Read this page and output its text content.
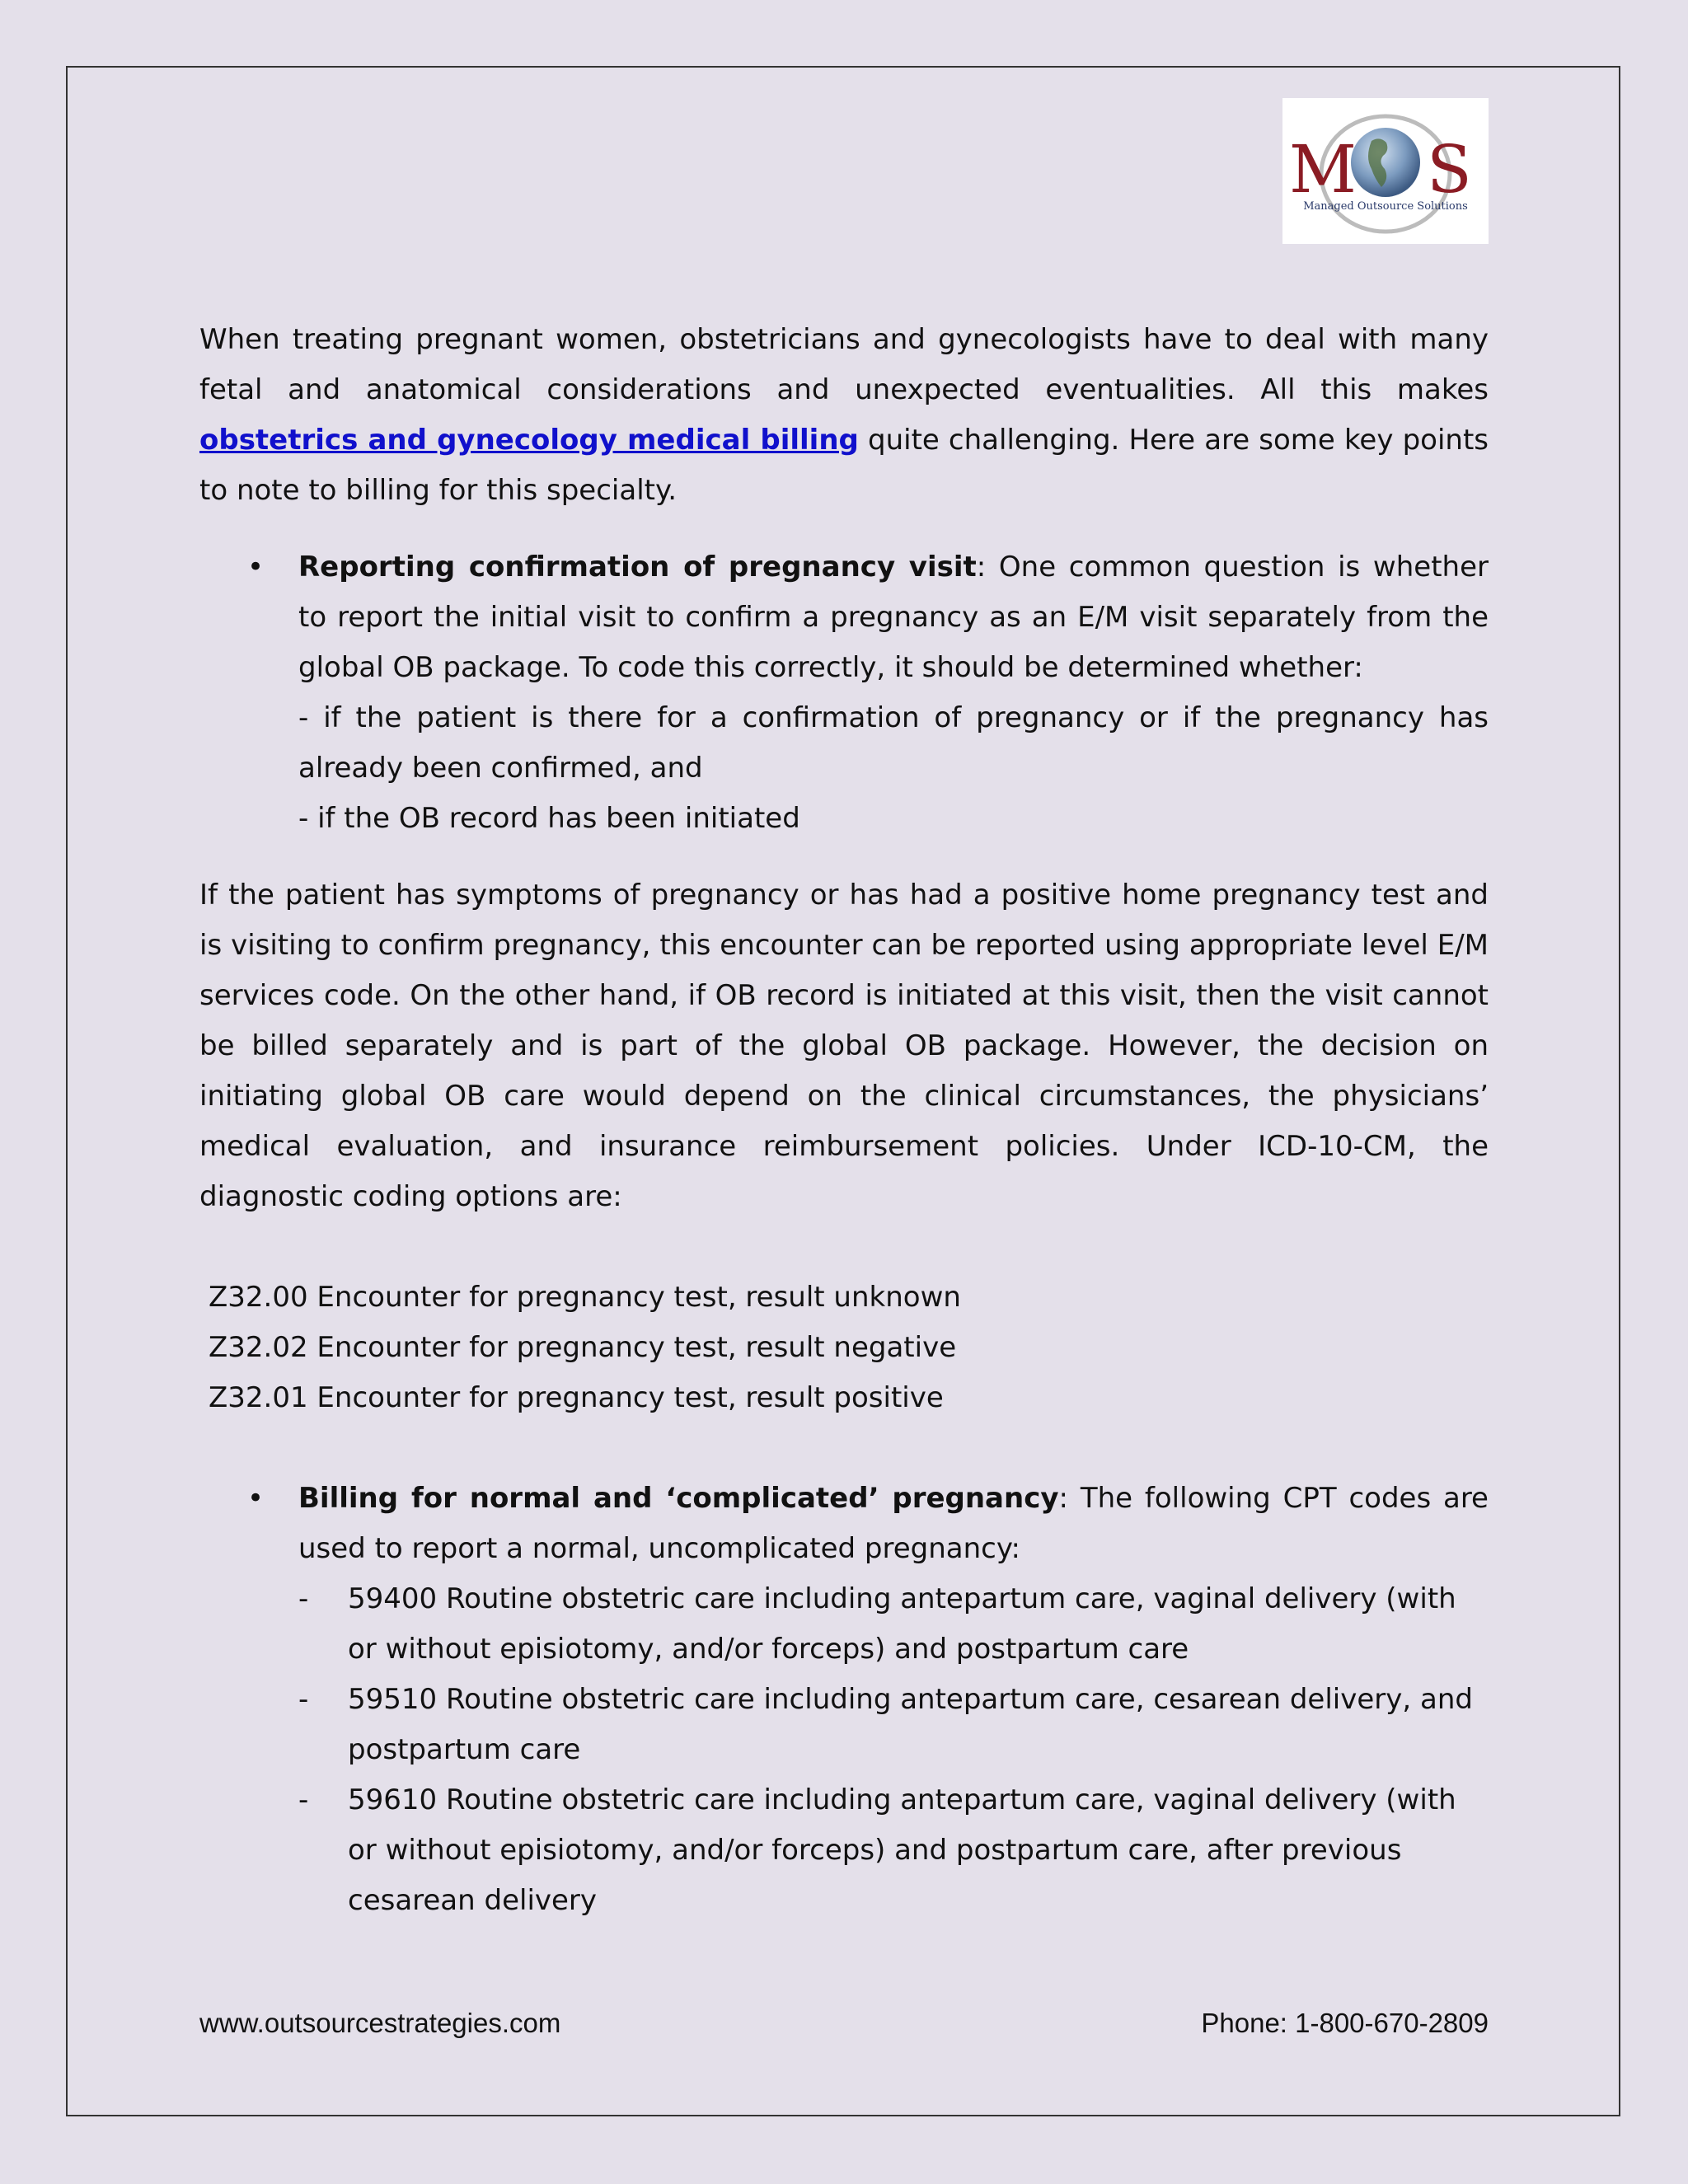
M S
Managed Outsource Solutions

When treating pregnant women, obstetricians and gynecologists have to deal with many fetal and anatomical considerations and unexpected eventualities. All this makes obstetrics and gynecology medical billing quite challenging. Here are some key points to note to billing for this specialty.

• Reporting confirmation of pregnancy visit: One common question is whether to report the initial visit to confirm a pregnancy as an E/M visit separately from the global OB package. To code this correctly, it should be determined whether:
- if the patient is there for a confirmation of pregnancy or if the pregnancy has already been confirmed, and
- if the OB record has been initiated

If the patient has symptoms of pregnancy or has had a positive home pregnancy test and is visiting to confirm pregnancy, this encounter can be reported using appropriate level E/M services code. On the other hand, if OB record is initiated at this visit, then the visit cannot be billed separately and is part of the global OB package. However, the decision on initiating global OB care would depend on the clinical circumstances, the physicians’ medical evaluation, and insurance reimbursement policies. Under ICD-10-CM, the diagnostic coding options are:

Z32.00 Encounter for pregnancy test, result unknown
Z32.02 Encounter for pregnancy test, result negative
Z32.01 Encounter for pregnancy test, result positive
• Billing for normal and ‘complicated’ pregnancy: The following CPT codes are used to report a normal, uncomplicated pregnancy:
- 59400 Routine obstetric care including antepartum care, vaginal delivery (with or without episiotomy, and/or forceps) and postpartum care
- 59510 Routine obstetric care including antepartum care, cesarean delivery, and postpartum care
- 59610 Routine obstetric care including antepartum care, vaginal delivery (with or without episiotomy, and/or forceps) and postpartum care, after previous cesarean delivery
www.outsourcestrategies.com	Phone: 1-800-670-2809
